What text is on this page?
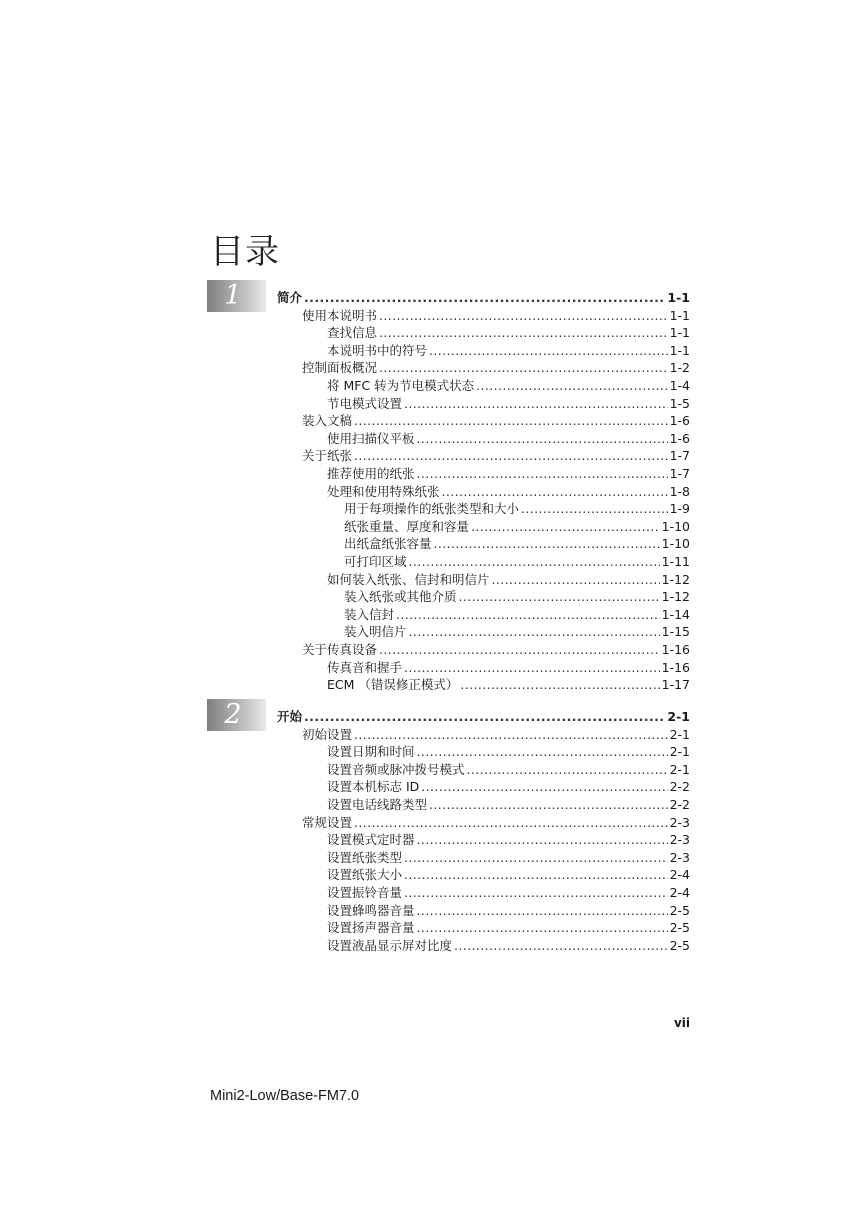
目录
1	简介 .....	1-1
使用本说明书 .....	1-1
查找信息 .....	1-1
本说明书中的符号 .....	1-1
控制面板概况 .....	1-2
将 MFC 转为节电模式状态 .....	1-4
节电模式设置 .....	1-5
装入文稿 .....	1-6
使用扫描仪平板 .....	1-6
关于纸张 .....	1-7
推荐使用的纸张 .....	1-7
处理和使用特殊纸张 .....	1-8
用于每项操作的纸张类型和大小 .....	1-9
纸张重量、厚度和容量 .....	1-10
出纸盒纸张容量 .....	1-10
可打印区域 .....	1-11
如何装入纸张、信封和明信片 .....	1-12
装入纸张或其他介质 .....	1-12
装入信封 .....	1-14
装入明信片 .....	1-15
关于传真设备 .....	1-16
传真音和握手 .....	1-16
ECM （错误修正模式） .....	1-17
2	开始 .....	2-1
初始设置 .....	2-1
设置日期和时间 .....	2-1
设置音频或脉冲拨号模式 .....	2-1
设置本机标志 ID .....	2-2
设置电话线路类型 .....	2-2
常规设置 .....	2-3
设置模式定时器 .....	2-3
设置纸张类型 .....	2-3
设置纸张大小 .....	2-4
设置振铃音量 .....	2-4
设置蜂鸣器音量 .....	2-5
设置扬声器音量 .....	2-5
设置液晶显示屏对比度 .....	2-5
vii
Mini2-Low/Base-FM7.0
